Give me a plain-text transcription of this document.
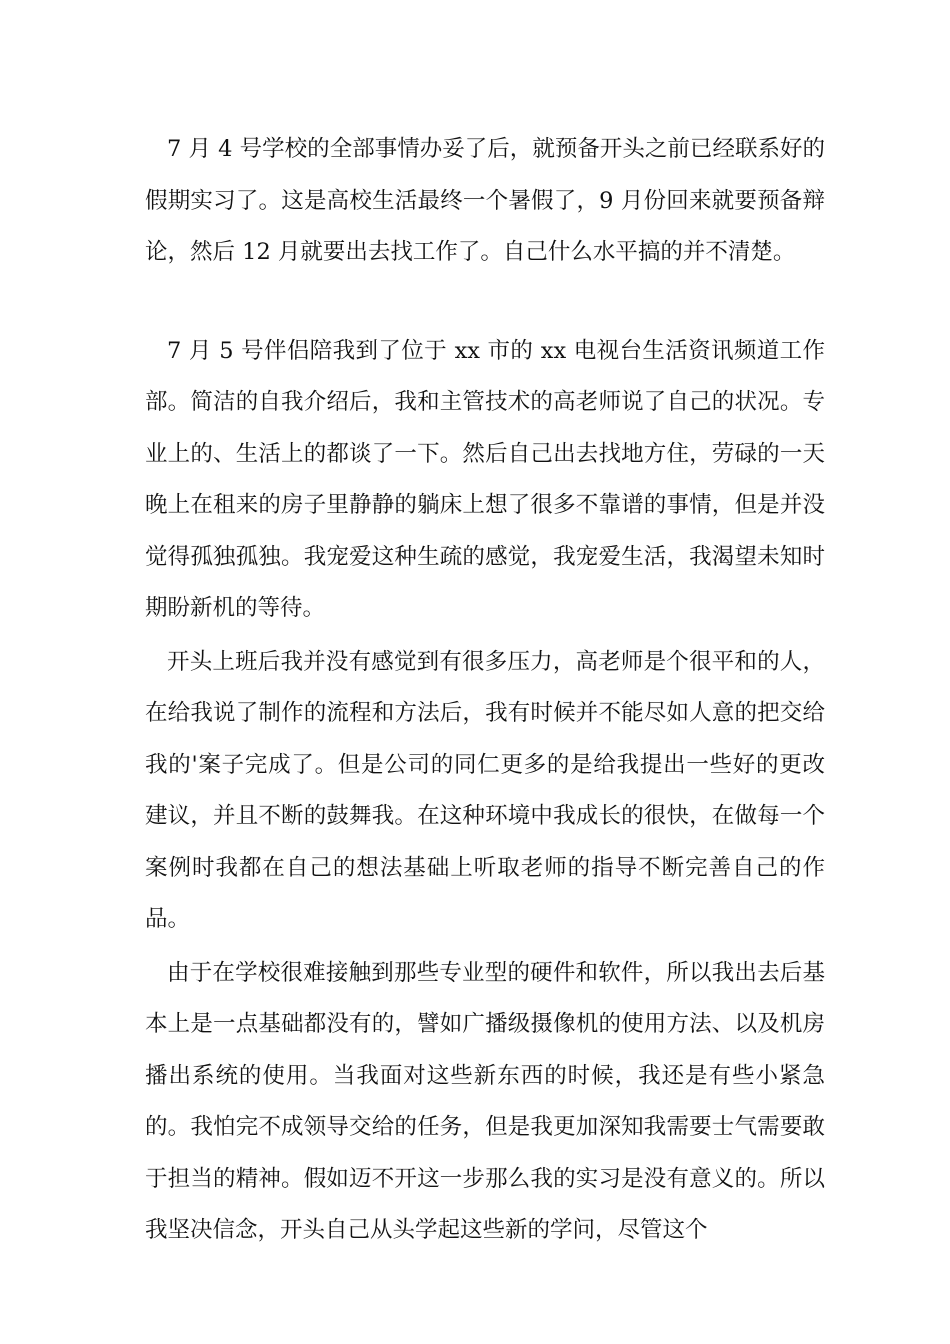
7 月 4 号学校的全部事情办妥了后，就预备开头之前已经联系好的假期实习了。这是高校生活最终一个暑假了，9 月份回来就要预备辩论，然后 12 月就要出去找工作了。自己什么水平搞的并不清楚。

7 月 5 号伴侣陪我到了位于 xx 市的 xx 电视台生活资讯频道工作部。简洁的自我介绍后，我和主管技术的高老师说了自己的状况。专业上的、生活上的都谈了一下。然后自己出去找地方住，劳碌的一天晚上在租来的房子里静静的躺床上想了很多不靠谱的事情，但是并没觉得孤独孤独。我宠爱这种生疏的感觉，我宠爱生活，我渴望未知时期盼新机的等待。

开头上班后我并没有感觉到有很多压力，高老师是个很平和的人，在给我说了制作的流程和方法后，我有时候并不能尽如人意的把交给我的'案子完成了。但是公司的同仁更多的是给我提出一些好的更改建议，并且不断的鼓舞我。在这种环境中我成长的很快，在做每一个案例时我都在自己的想法基础上听取老师的指导不断完善自己的作品。

由于在学校很难接触到那些专业型的硬件和软件，所以我出去后基本上是一点基础都没有的，譬如广播级摄像机的使用方法、以及机房播出系统的使用。当我面对这些新东西的时候，我还是有些小紧急的。我怕完不成领导交给的任务，但是我更加深知我需要士气需要敢于担当的精神。假如迈不开这一步那么我的实习是没有意义的。所以我坚决信念，开头自己从头学起这些新的学问，尽管这个
